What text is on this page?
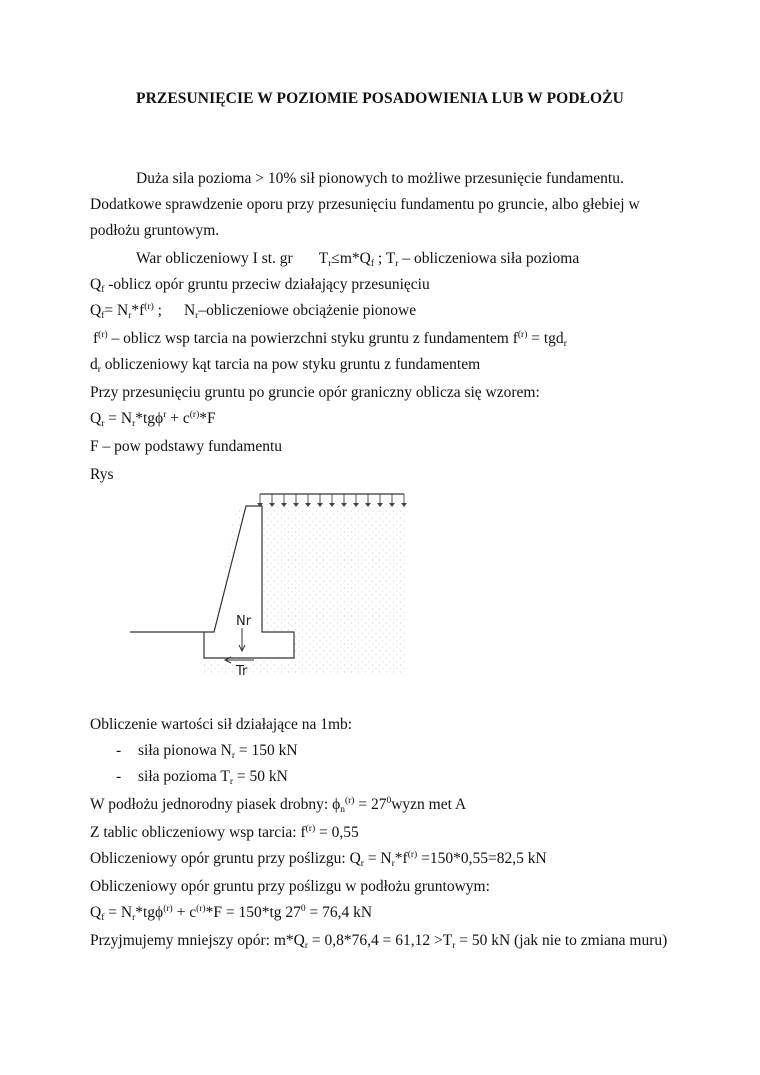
PRZESUNIĘCIE W POZIOMIE POSADOWIENIA LUB W PODŁOŻU
Duża sila pozioma > 10% sił pionowych to możliwe przesunięcie fundamentu.
Dodatkowe sprawdzenie oporu przy przesunięciu fundamentu po gruncie, albo głebiej w
podłożu gruntowym.
War obliczeniowy I st. gr $T_r\le m*Q_f$ ; $T_r$ – obliczeniowa siła pozioma
$Q_f$ -oblicz opór gruntu przeciw działający przesunięciu
$Q_f= N_r*f^{(r)}$ ; $N_r$–obliczeniowe obciążenie pionowe
$f^{(r)}$ – oblicz wsp tarcia na powierzchni styku gruntu z fundamentem $f^{(r)} = tgd_r$
$d_r$ obliczeniowy kąt tarcia na pow styku gruntu z fundamentem
Przy przesunięciu gruntu po gruncie opór graniczny oblicza się wzorem:
$Q_r = N_r*tg\phi^r + c^{(r)}*F$
F – pow podstawy fundamentu
Rys
Nr
Tr
Obliczenie wartości sił działające na 1mb:
- siła pionowa $N_r = 150$ kN
- siła pozioma $T_r = 50$ kN
W podłożu jednorodny piasek drobny: $\phi_n^{(r)}$ = $27^0wyzn$ met A
Z tablic obliczeniowy wsp tarcia: $f^{(r)} = 0,55$
Obliczeniowy opór gruntu przy poślizgu: $Q_r = N_r*f^{(r)} =150*0,55=82,5$ kN
Obliczeniowy opór gruntu przy poślizgu w podłożu gruntowym:
$Q_f = N_r*tg\phi^{(r)} + c^{(r)}*F = 150*tg$ $27^0 = 76,4$ kN
Przyjmujemy mniejszy opór: $m*Q_r = 0,8*76,4 = 61,12 >T_r = 50$ kN (jak nie to zmiana muru)
